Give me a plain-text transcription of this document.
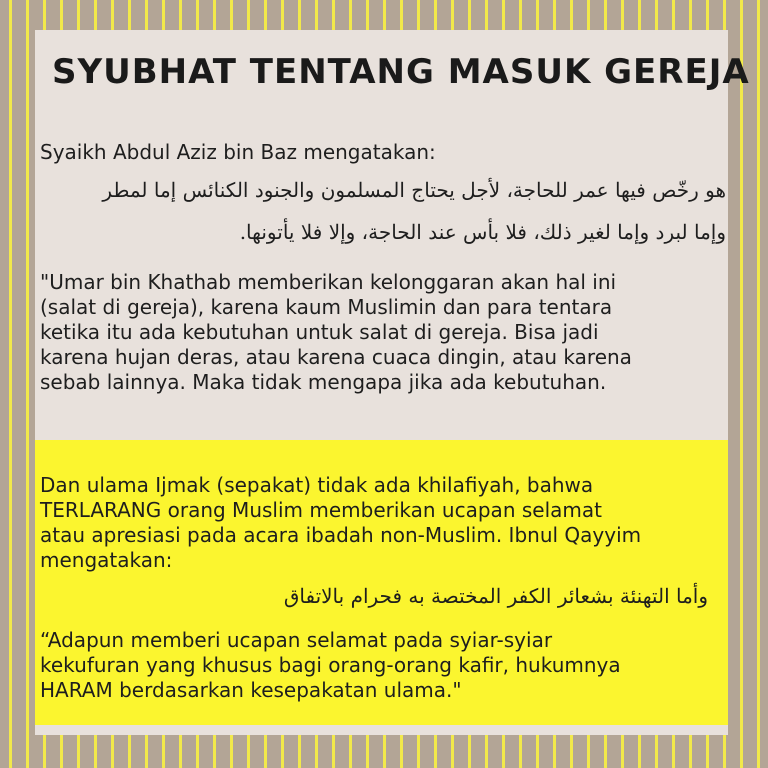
SYUBHAT TENTANG MASUK GEREJA

Syaikh Abdul Aziz bin Baz mengatakan:

هو رخّص فيها عمر للحاجة، لأجل يحتاج المسلمون والجنود الكنائس إما لمطر

وإما لبرد وإما لغير ذلك، فلا بأس عند الحاجة، وإلا فلا يأتونها.

"Umar bin Khathab memberikan kelonggaran akan hal ini

(salat di gereja), karena kaum Muslimin dan para tentara

ketika itu ada kebutuhan untuk salat di gereja. Bisa jadi

karena hujan deras, atau karena cuaca dingin, atau karena

sebab lainnya. Maka tidak mengapa jika ada kebutuhan.

Dan ulama Ijmak (sepakat) tidak ada khilafiyah, bahwa

TERLARANG orang Muslim memberikan ucapan selamat

atau apresiasi pada acara ibadah non-Muslim. Ibnul Qayyim

mengatakan:

وأما التهنئة بشعائر الكفر المختصة به فحرام بالاتفاق

“Adapun memberi ucapan selamat pada syiar-syiar

kekufuran yang khusus bagi orang-orang kafir, hukumnya

HARAM berdasarkan kesepakatan ulama."
